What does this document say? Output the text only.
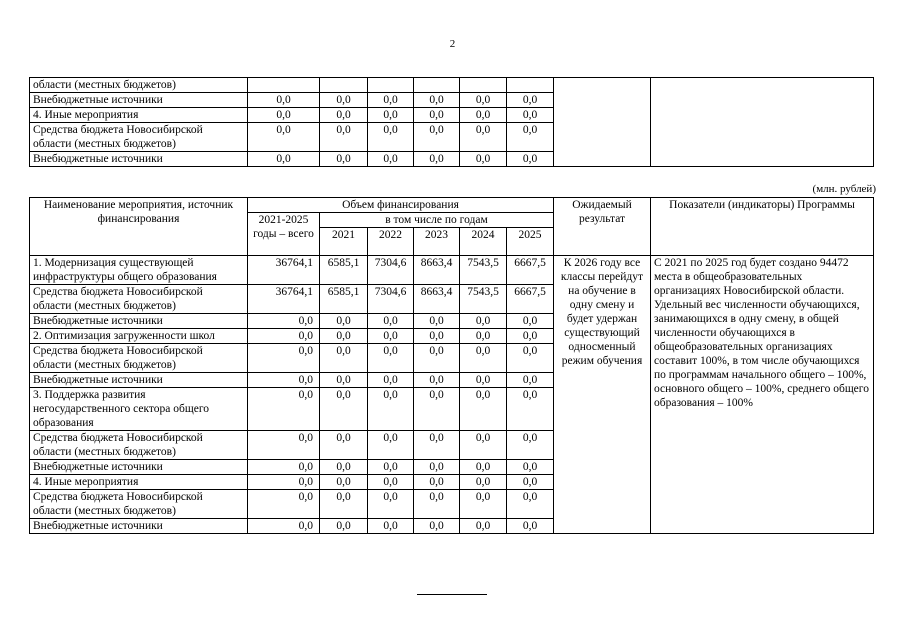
2
области (местных бюджетов)								
Внебюджетные источники	0,0	0,0	0,0	0,0	0,0	0,0		
4. Иные мероприятия	0,0	0,0	0,0	0,0	0,0	0,0		
Средства бюджета Новосибирской области (местных бюджетов)	0,0	0,0	0,0	0,0	0,0	0,0		
Внебюджетные источники	0,0	0,0	0,0	0,0	0,0	0,0		
(млн. рублей)
Наименование мероприятия, источник финансирования	Объем финансирования						Ожидаемый результат	Показатели (индикаторы) Программы
	2021-2025 годы – всего	в том числе по годам						
		2021	2022	2023	2024	2025		
1. Модернизация существующей инфраструктуры общего образования	36764,1	6585,1	7304,6	8663,4	7543,5	6667,5	К 2026 году все классы перейдут на обучение в одну смену и будет удержан существующий односменный режим обучения	С 2021 по 2025 год будет создано 94472 места в общеобразовательных организациях Новосибирской области. Удельный вес численности обучающихся, занимающихся в одну смену, в общей численности обучающихся в общеобразовательных организациях составит 100%, в том числе обучающихся по программам начального общего – 100%, основного общего – 100%, среднего общего образования – 100%
Средства бюджета Новосибирской области (местных бюджетов)	36764,1	6585,1	7304,6	8663,4	7543,5	6667,5		
Внебюджетные источники	0,0	0,0	0,0	0,0	0,0	0,0		
2. Оптимизация загруженности школ	0,0	0,0	0,0	0,0	0,0	0,0		
Средства бюджета Новосибирской области (местных бюджетов)	0,0	0,0	0,0	0,0	0,0	0,0		
Внебюджетные источники	0,0	0,0	0,0	0,0	0,0	0,0		
3. Поддержка развития негосударственного сектора общего образования	0,0	0,0	0,0	0,0	0,0	0,0		
Средства бюджета Новосибирской области (местных бюджетов)	0,0	0,0	0,0	0,0	0,0	0,0		
Внебюджетные источники	0,0	0,0	0,0	0,0	0,0	0,0		
4. Иные мероприятия	0,0	0,0	0,0	0,0	0,0	0,0		
Средства бюджета Новосибирской области (местных бюджетов)	0,0	0,0	0,0	0,0	0,0	0,0		
Внебюджетные источники	0,0	0,0	0,0	0,0	0,0	0,0		
